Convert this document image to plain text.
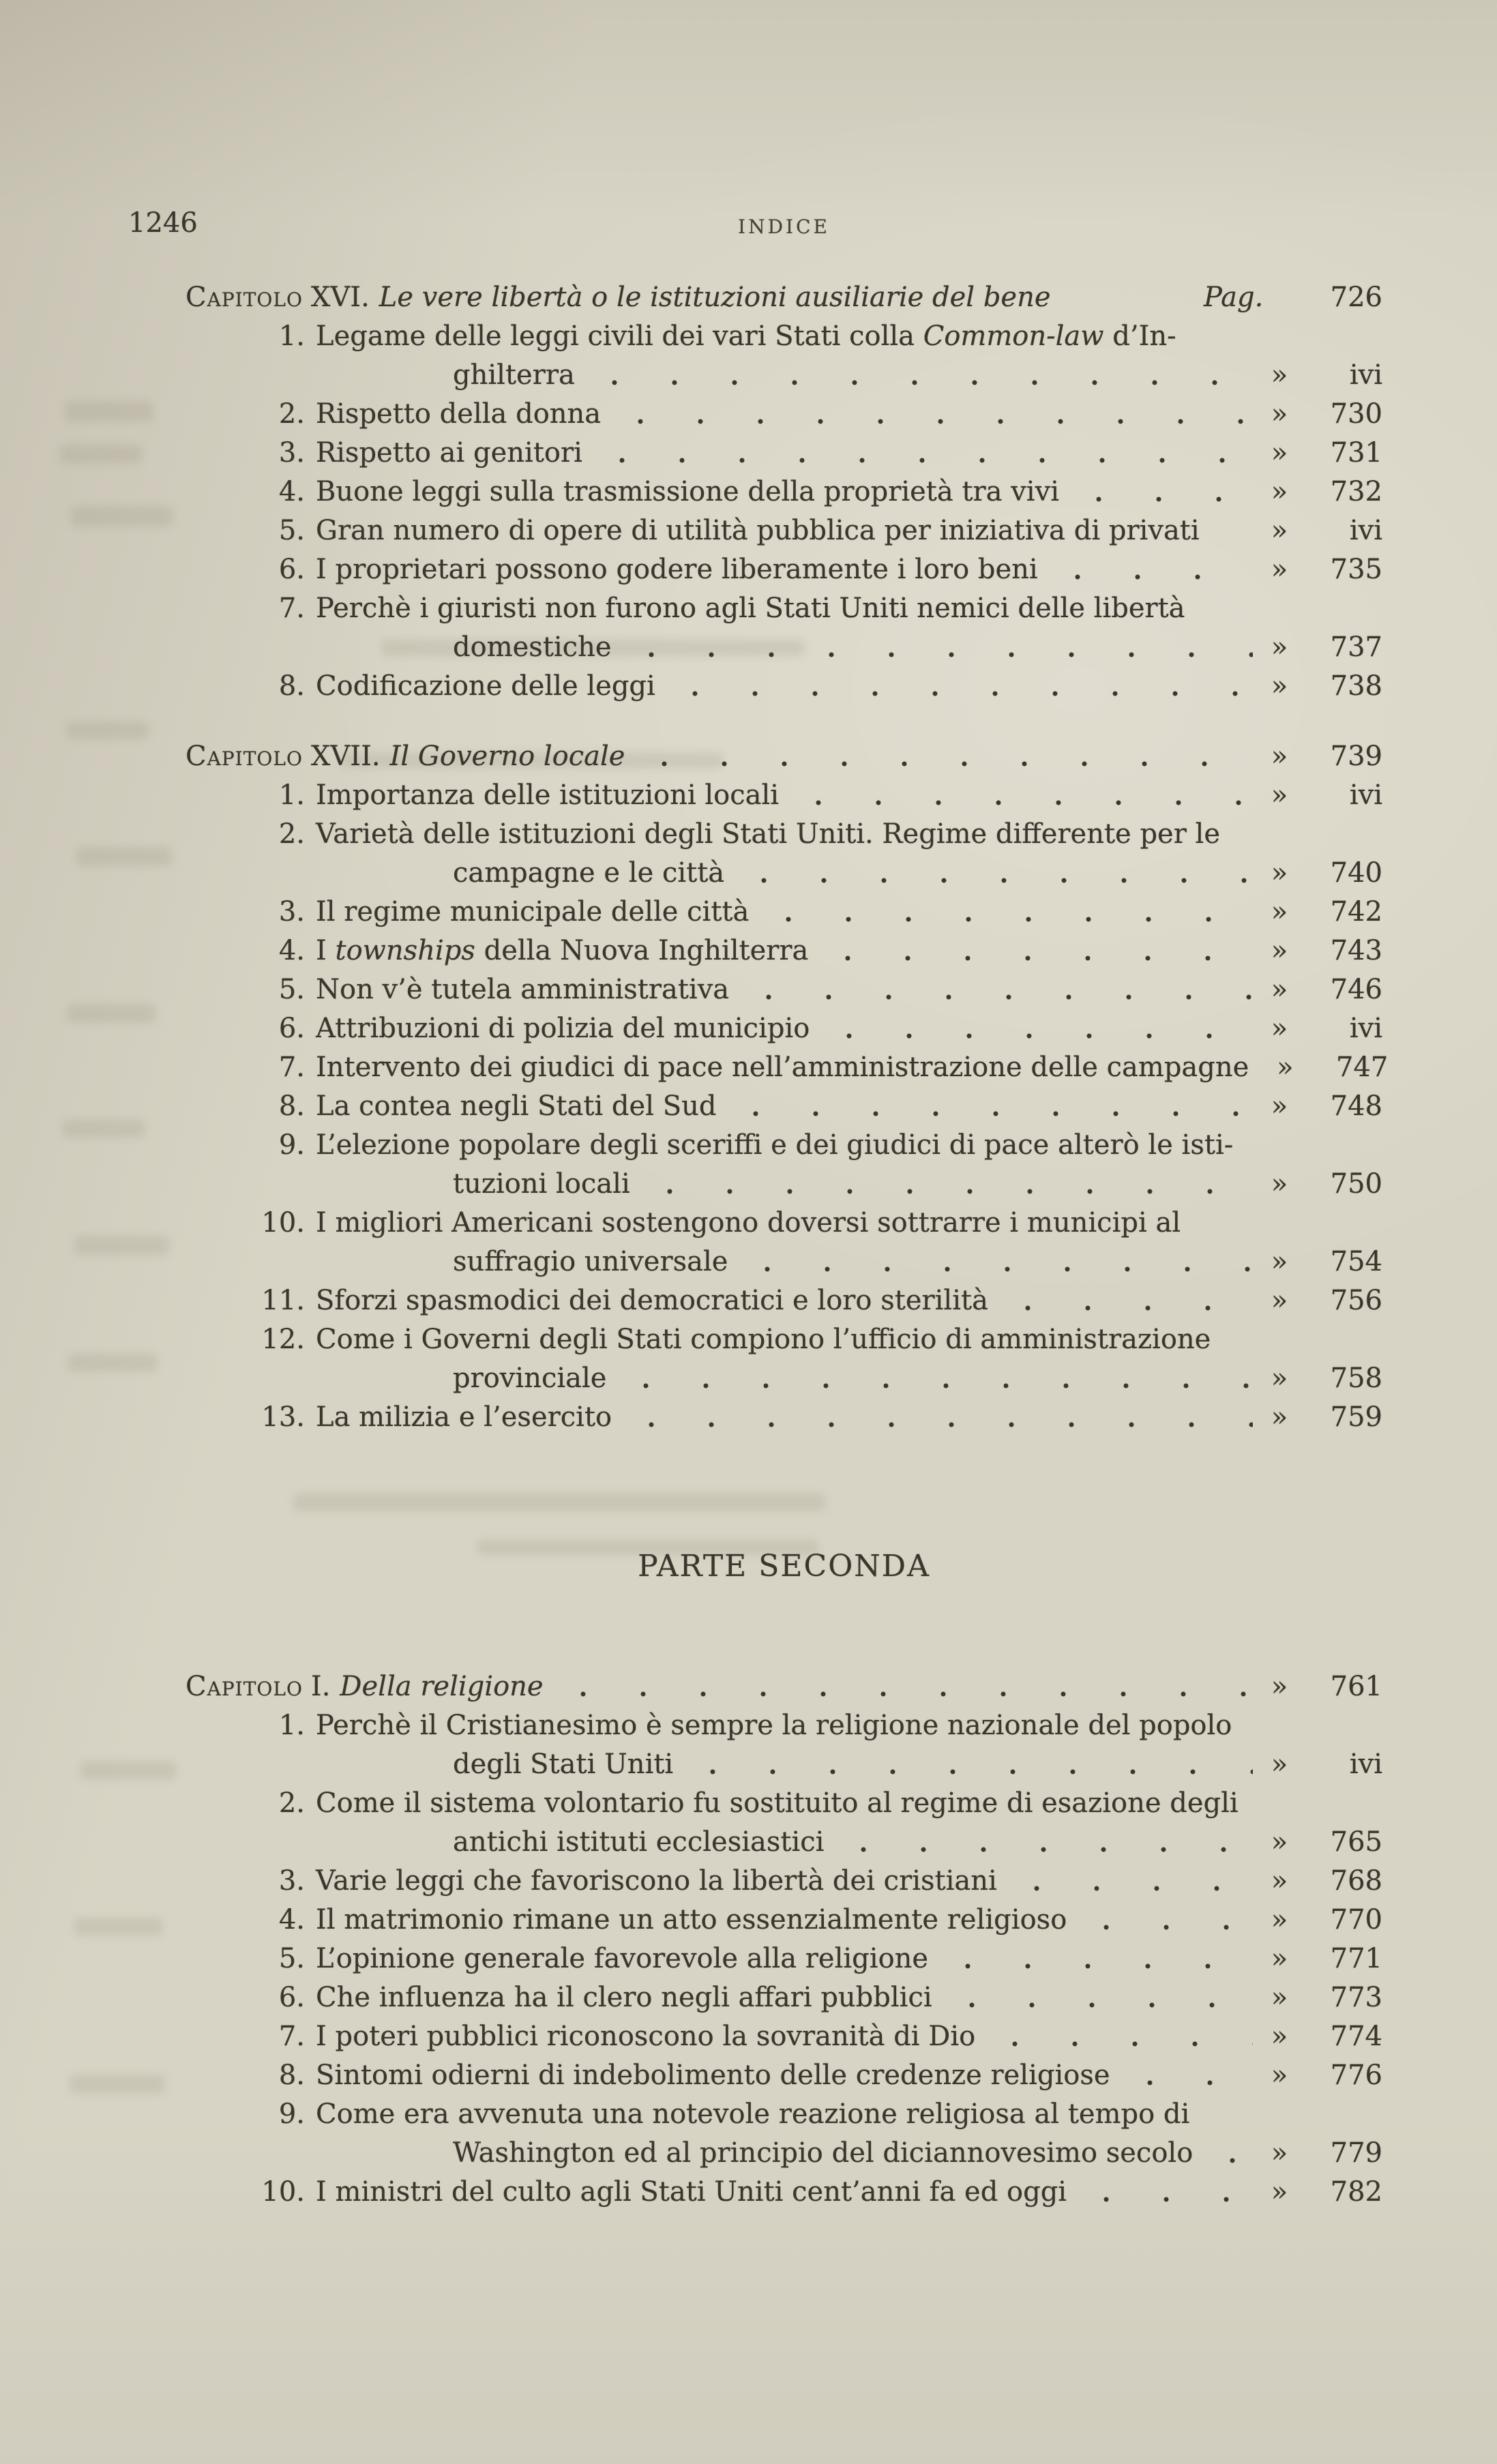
1246	INDICE
Capitolo XVI. Le vere libertà o le istituzioni ausiliarie del bene	Pag.	726
1. Legame delle leggi civili dei vari Stati colla Common-law d’In-
ghilterra	»	ivi
2. Rispetto della donna	»	730
3. Rispetto ai genitori	»	731
4. Buone leggi sulla trasmissione della proprietà tra vivi	»	732
5. Gran numero di opere di utilità pubblica per iniziativa di privati	»	ivi
6. I proprietari possono godere liberamente i loro beni	»	735
7. Perchè i giuristi non furono agli Stati Uniti nemici delle libertà
domestiche	»	737
8. Codificazione delle leggi	»	738
Capitolo XVII. Il Governo locale	»	739
1. Importanza delle istituzioni locali	»	ivi
2. Varietà delle istituzioni degli Stati Uniti. Regime differente per le
campagne e le città	»	740
3. Il regime municipale delle città	»	742
4. I townships della Nuova Inghilterra	»	743
5. Non v’è tutela amministrativa	»	746
6. Attribuzioni di polizia del municipio	»	ivi
7. Intervento dei giudici di pace nell’amministrazione delle campagne	»	747
8. La contea negli Stati del Sud	»	748
9. L’elezione popolare degli sceriffi e dei giudici di pace alterò le isti-
tuzioni locali	»	750
10. I migliori Americani sostengono doversi sottrarre i municipi al
suffragio universale	»	754
11. Sforzi spasmodici dei democratici e loro sterilità	»	756
12. Come i Governi degli Stati compiono l’ufficio di amministrazione
provinciale	»	758
13. La milizia e l’esercito	»	759
PARTE SECONDA
Capitolo I. Della religione	»	761
1. Perchè il Cristianesimo è sempre la religione nazionale del popolo
degli Stati Uniti	»	ivi
2. Come il sistema volontario fu sostituito al regime di esazione degli
antichi istituti ecclesiastici	»	765
3. Varie leggi che favoriscono la libertà dei cristiani	»	768
4. Il matrimonio rimane un atto essenzialmente religioso	»	770
5. L’opinione generale favorevole alla religione	»	771
6. Che influenza ha il clero negli affari pubblici	»	773
7. I poteri pubblici riconoscono la sovranità di Dio	»	774
8. Sintomi odierni di indebolimento delle credenze religiose	»	776
9. Come era avvenuta una notevole reazione religiosa al tempo di
Washington ed al principio del diciannovesimo secolo	»	779
10. I ministri del culto agli Stati Uniti cent’anni fa ed oggi	»	782
